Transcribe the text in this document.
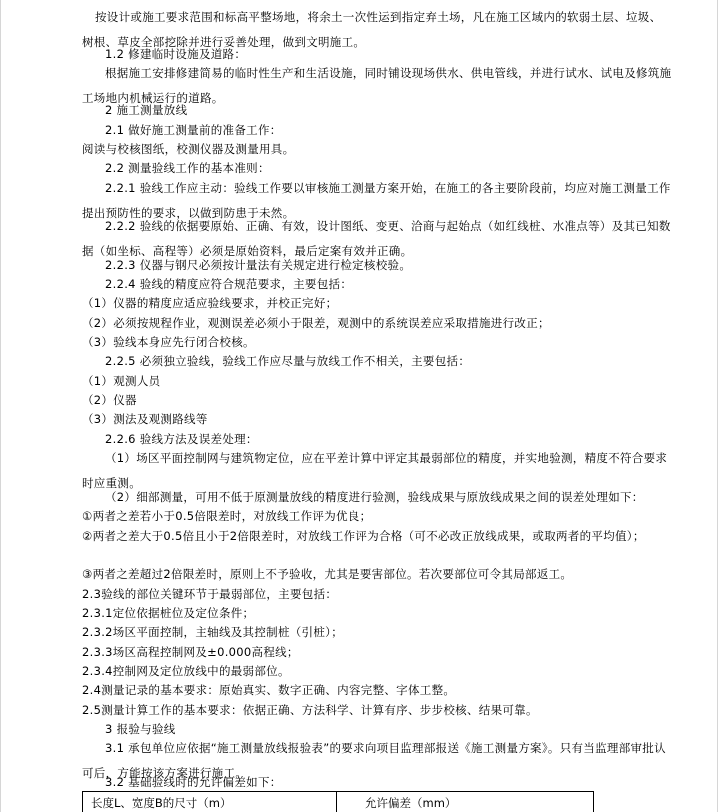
按设计或施工要求范围和标高平整场地，将余土一次性运到指定弃土场，凡在施工区域内的软弱土层、垃圾、树根、草皮全部挖除并进行妥善处理，做到文明施工。
1.2 修建临时设施及道路：
根据施工安排修建简易的临时性生产和生活设施，同时铺设现场供水、供电管线，并进行试水、试电及修筑施工场地内机械运行的道路。
2 施工测量放线
2.1 做好施工测量前的准备工作：
阅读与校核图纸，校测仪器及测量用具。
2.2 测量验线工作的基本准则：
2.2.1 验线工作应主动：验线工作要以审核施工测量方案开始，在施工的各主要阶段前，均应对施工测量工作提出预防性的要求，以做到防患于未然。
2.2.2 验线的依据要原始、正确、有效，设计图纸、变更、洽商与起始点（如红线桩、水准点等）及其已知数据（如坐标、高程等）必须是原始资料，最后定案有效并正确。
2.2.3 仪器与钢尺必须按计量法有关规定进行检定核校验。
2.2.4 验线的精度应符合规范要求，主要包括：
（1）仪器的精度应适应验线要求，并校正完好；
（2）必须按规程作业，观测误差必须小于限差，观测中的系统误差应采取措施进行改正；
（3）验线本身应先行闭合校核。
2.2.5 必须独立验线，验线工作应尽量与放线工作不相关，主要包括：
（1）观测人员
（2）仪器
（3）测法及观测路线等
2.2.6 验线方法及误差处理：
（1）场区平面控制网与建筑物定位，应在平差计算中评定其最弱部位的精度，并实地验测，精度不符合要求时应重测。
（2）细部测量，可用不低于原测量放线的精度进行验测，验线成果与原放线成果之间的误差处理如下：
①两者之差若小于0.5倍限差时，对放线工作评为优良；
②两者之差大于0.5倍且小于2倍限差时，对放线工作评为合格（可不必改正放线成果，或取两者的平均值）；
③两者之差超过2倍限差时，原则上不予验收，尤其是要害部位。若次要部位可令其局部返工。
2.3验线的部位关键环节于最弱部位，主要包括：
2.3.1定位依据桩位及定位条件；
2.3.2场区平面控制，主轴线及其控制桩（引桩）；
2.3.3场区高程控制网及±0.000高程线；
2.3.4控制网及定位放线中的最弱部位。
2.4测量记录的基本要求：原始真实、数字正确、内容完整、字体工整。
2.5测量计算工作的基本要求：依据正确、方法科学、计算有序、步步校核、结果可靠。
3 报验与验线
3.1 承包单位应依据“施工测量放线报验表”的要求向项目监理部报送《施工测量方案》。只有当监理部审批认可后，方能按该方案进行施工。
3.2 基础验线时的允许偏差如下：
长度L、宽度B的尺寸（m）	允许偏差（mm）
